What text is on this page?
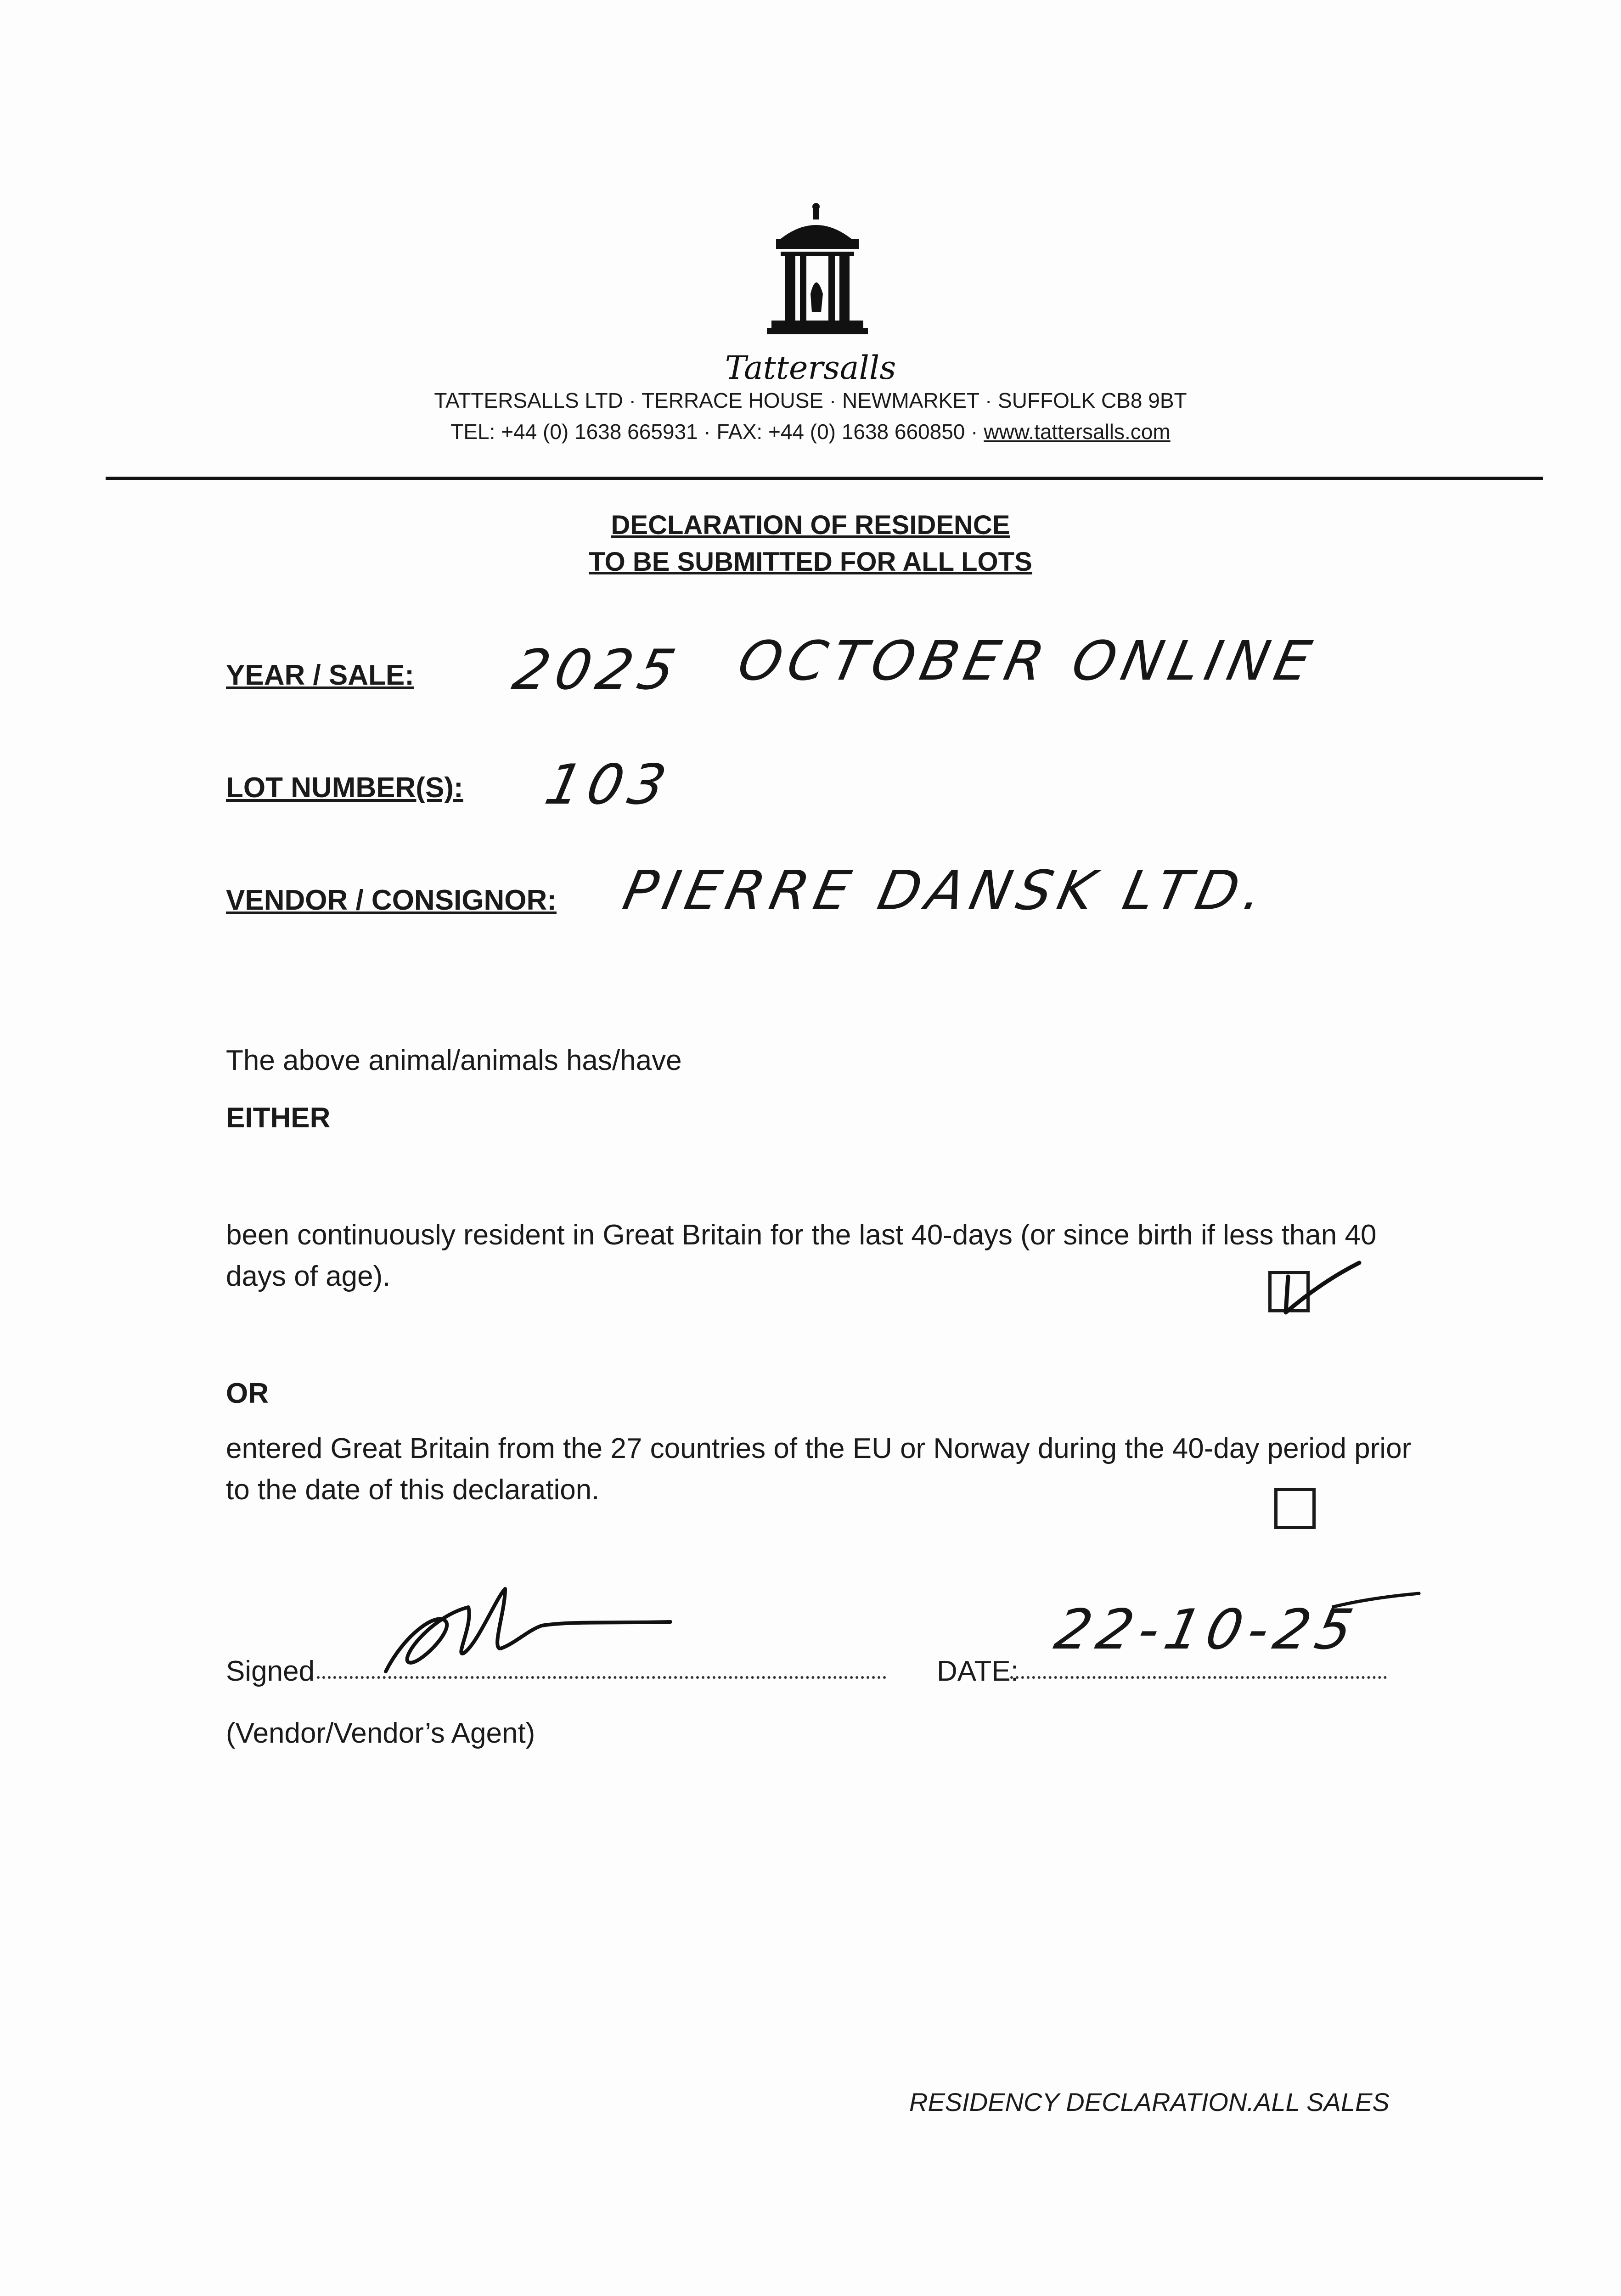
Tattersalls
TATTERSALLS LTD · TERRACE HOUSE · NEWMARKET · SUFFOLK CB8 9BT
TEL: +44 (0) 1638 665931 · FAX: +44 (0) 1638 660850 · www.tattersalls.com
DECLARATION OF RESIDENCE
TO BE SUBMITTED FOR ALL LOTS
YEAR / SALE: 2025 OCTOBER ONLINE
LOT NUMBER(S): 103
VENDOR / CONSIGNOR: PIERRE DANSK LTD.
The above animal/animals has/have
EITHER
been continuously resident in Great Britain for the last 40-days (or since birth if less than 40 days of age).
OR
entered Great Britain from the 27 countries of the EU or Norway during the 40-day period prior to the date of this declaration.
Signed
(Vendor/Vendor’s Agent)
DATE:
22-10-25
RESIDENCY DECLARATION.ALL SALES
